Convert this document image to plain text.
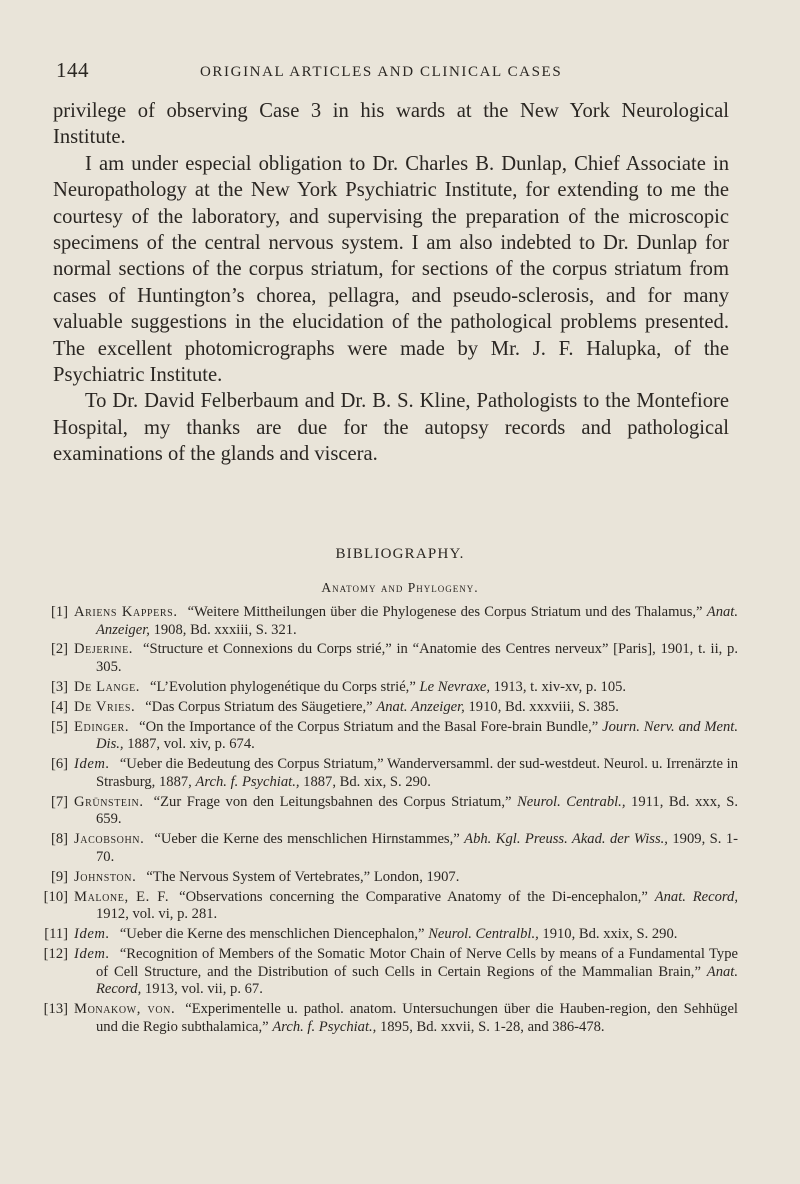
144	ORIGINAL ARTICLES AND CLINICAL CASES

privilege of observing Case 3 in his wards at the New York Neurological Institute.

I am under especial obligation to Dr. Charles B. Dunlap, Chief Associate in Neuropathology at the New York Psychiatric Institute, for extending to me the courtesy of the laboratory, and supervising the preparation of the microscopic specimens of the central nervous system. I am also indebted to Dr. Dunlap for normal sections of the corpus striatum, for sections of the corpus striatum from cases of Huntington’s chorea, pellagra, and pseudo-sclerosis, and for many valuable suggestions in the elucidation of the pathological problems presented. The excellent photomicrographs were made by Mr. J. F. Halupka, of the Psychiatric Institute.

To Dr. David Felberbaum and Dr. B. S. Kline, Pathologists to the Montefiore Hospital, my thanks are due for the autopsy records and pathological examinations of the glands and viscera.

BIBLIOGRAPHY.
Anatomy and Phylogeny.
[ 1 ] Ariens Kappers. “Weitere Mittheilungen über die Phylogenese des Corpus Striatum und des Thalamus,” Anat. Anzeiger, 1908, Bd. xxxiii, S. 321.
[ 2 ] Dejerine. “Structure et Connexions du Corps strié,” in “Anatomie des Centres nerveux” [Paris], 1901, t. ii, p. 305.
[ 3 ] De Lange. “L’Evolution phylogenétique du Corps strié,” Le Nevraxe, 1913, t. xiv-xv, p. 105.
[ 4 ] De Vries. “Das Corpus Striatum des Säugetiere,” Anat. Anzeiger, 1910, Bd. xxxviii, S. 385.
[ 5 ] Edinger. “On the Importance of the Corpus Striatum and the Basal Fore-brain Bundle,” Journ. Nerv. and Ment. Dis., 1887, vol. xiv, p. 674.
[ 6 ] Idem. “Ueber die Bedeutung des Corpus Striatum,” Wanderversamml. der sud-westdeut. Neurol. u. Irrenärzte in Strasburg, 1887, Arch. f. Psychiat., 1887, Bd. xix, S. 290.
[ 7 ] Grünstein. “Zur Frage von den Leitungsbahnen des Corpus Striatum,” Neurol. Centrabl., 1911, Bd. xxx, S. 659.
[ 8 ] Jacobsohn. “Ueber die Kerne des menschlichen Hirnstammes,” Abh. Kgl. Preuss. Akad. der Wiss., 1909, S. 1-70.
[ 9 ] Johnston. “The Nervous System of Vertebrates,” London, 1907.
[ 10 ] Malone, E. F. “Observations concerning the Comparative Anatomy of the Di-encephalon,” Anat. Record, 1912, vol. vi, p. 281.
[ 11 ] Idem. “Ueber die Kerne des menschlichen Diencephalon,” Neurol. Centralbl., 1910, Bd. xxix, S. 290.
[ 12 ] Idem. “Recognition of Members of the Somatic Motor Chain of Nerve Cells by means of a Fundamental Type of Cell Structure, and the Distribution of such Cells in Certain Regions of the Mammalian Brain,” Anat. Record, 1913, vol. vii, p. 67.
[ 13 ] Monakow, von. “Experimentelle u. pathol. anatom. Untersuchungen über die Hauben-region, den Sehhügel und die Regio subthalamica,” Arch. f. Psychiat., 1895, Bd. xxvii, S. 1-28, and 386-478.
